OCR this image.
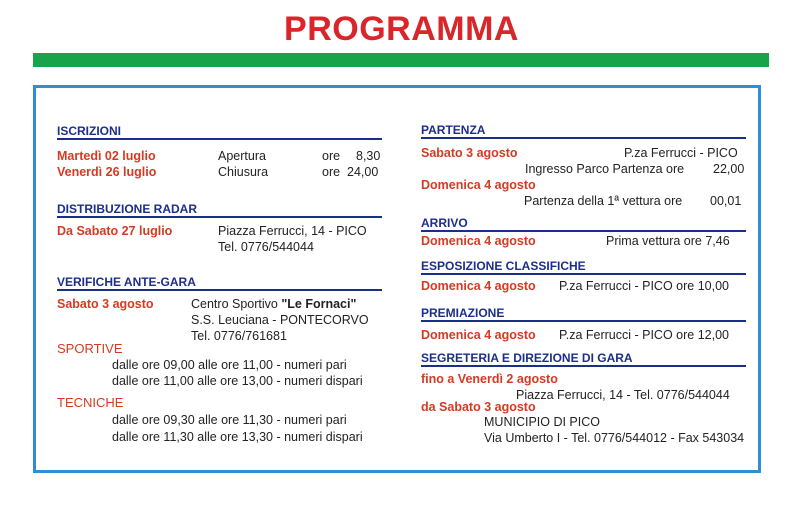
PROGRAMMA
ISCRIZIONI
Martedì 02 luglio	Apertura	ore 8,30
Venerdì 26 luglio	Chiusura	ore 24,00
DISTRIBUZIONE RADAR
Da Sabato 27 luglio	Piazza Ferrucci, 14 - PICO
Tel. 0776/544044
VERIFICHE ANTE-GARA
Sabato 3 agosto	Centro Sportivo "Le Fornaci"
S.S. Leuciana - PONTECORVO
Tel. 0776/761681
SPORTIVE
dalle ore 09,00 alle ore 11,00 - numeri pari
dalle ore 11,00 alle ore 13,00 - numeri dispari
TECNICHE
dalle ore 09,30 alle ore 11,30 - numeri pari
dalle ore 11,30 alle ore 13,30 - numeri dispari
PARTENZA
Sabato 3 agosto	P.za Ferrucci - PICO
Ingresso Parco Partenza ore 22,00
Domenica 4 agosto
Partenza della 1ª vettura ore 00,01
ARRIVO
Domenica 4 agosto	Prima vettura ore 7,46
ESPOSIZIONE CLASSIFICHE
Domenica 4 agosto P.za Ferrucci - PICO ore 10,00
PREMIAZIONE
Domenica 4 agosto P.za Ferrucci - PICO ore 12,00
SEGRETERIA E DIREZIONE DI GARA
fino a Venerdì 2 agosto
Piazza Ferrucci, 14 - Tel. 0776/544044
da Sabato 3 agosto
MUNICIPIO DI PICO
Via Umberto I - Tel. 0776/544012 - Fax 543034
